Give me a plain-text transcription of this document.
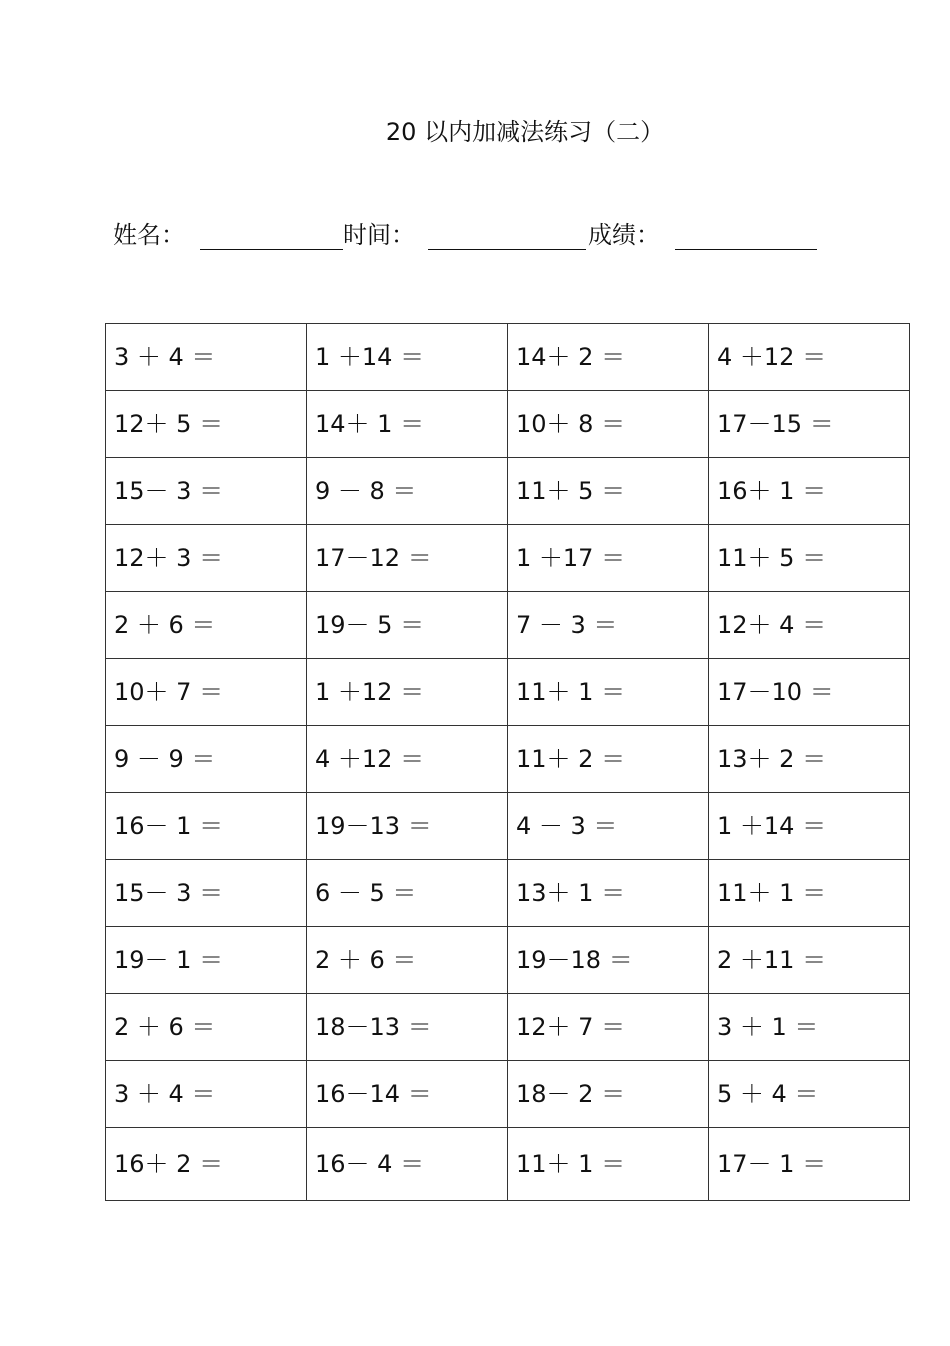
20 以内加减法练习（二）
姓名：	时间：	成绩：
3 ＋ 4 ＝	1 ＋14 ＝	14＋ 2 ＝	4 ＋12 ＝
12＋ 5 ＝	14＋ 1 ＝	10＋ 8 ＝	17－15 ＝
15－ 3 ＝	9 － 8 ＝	11＋ 5 ＝	16＋ 1 ＝
12＋ 3 ＝	17－12 ＝	1 ＋17 ＝	11＋ 5 ＝
2 ＋ 6 ＝	19－ 5 ＝	7 － 3 ＝	12＋ 4 ＝
10＋ 7 ＝	1 ＋12 ＝	11＋ 1 ＝	17－10 ＝
9 － 9 ＝	4 ＋12 ＝	11＋ 2 ＝	13＋ 2 ＝
16－ 1 ＝	19－13 ＝	4 － 3 ＝	1 ＋14 ＝
15－ 3 ＝	6 － 5 ＝	13＋ 1 ＝	11＋ 1 ＝
19－ 1 ＝	2 ＋ 6 ＝	19－18 ＝	2 ＋11 ＝
2 ＋ 6 ＝	18－13 ＝	12＋ 7 ＝	3 ＋ 1 ＝
3 ＋ 4 ＝	16－14 ＝	18－ 2 ＝	5 ＋ 4 ＝
16＋ 2 ＝	16－ 4 ＝	11＋ 1 ＝	17－ 1 ＝
